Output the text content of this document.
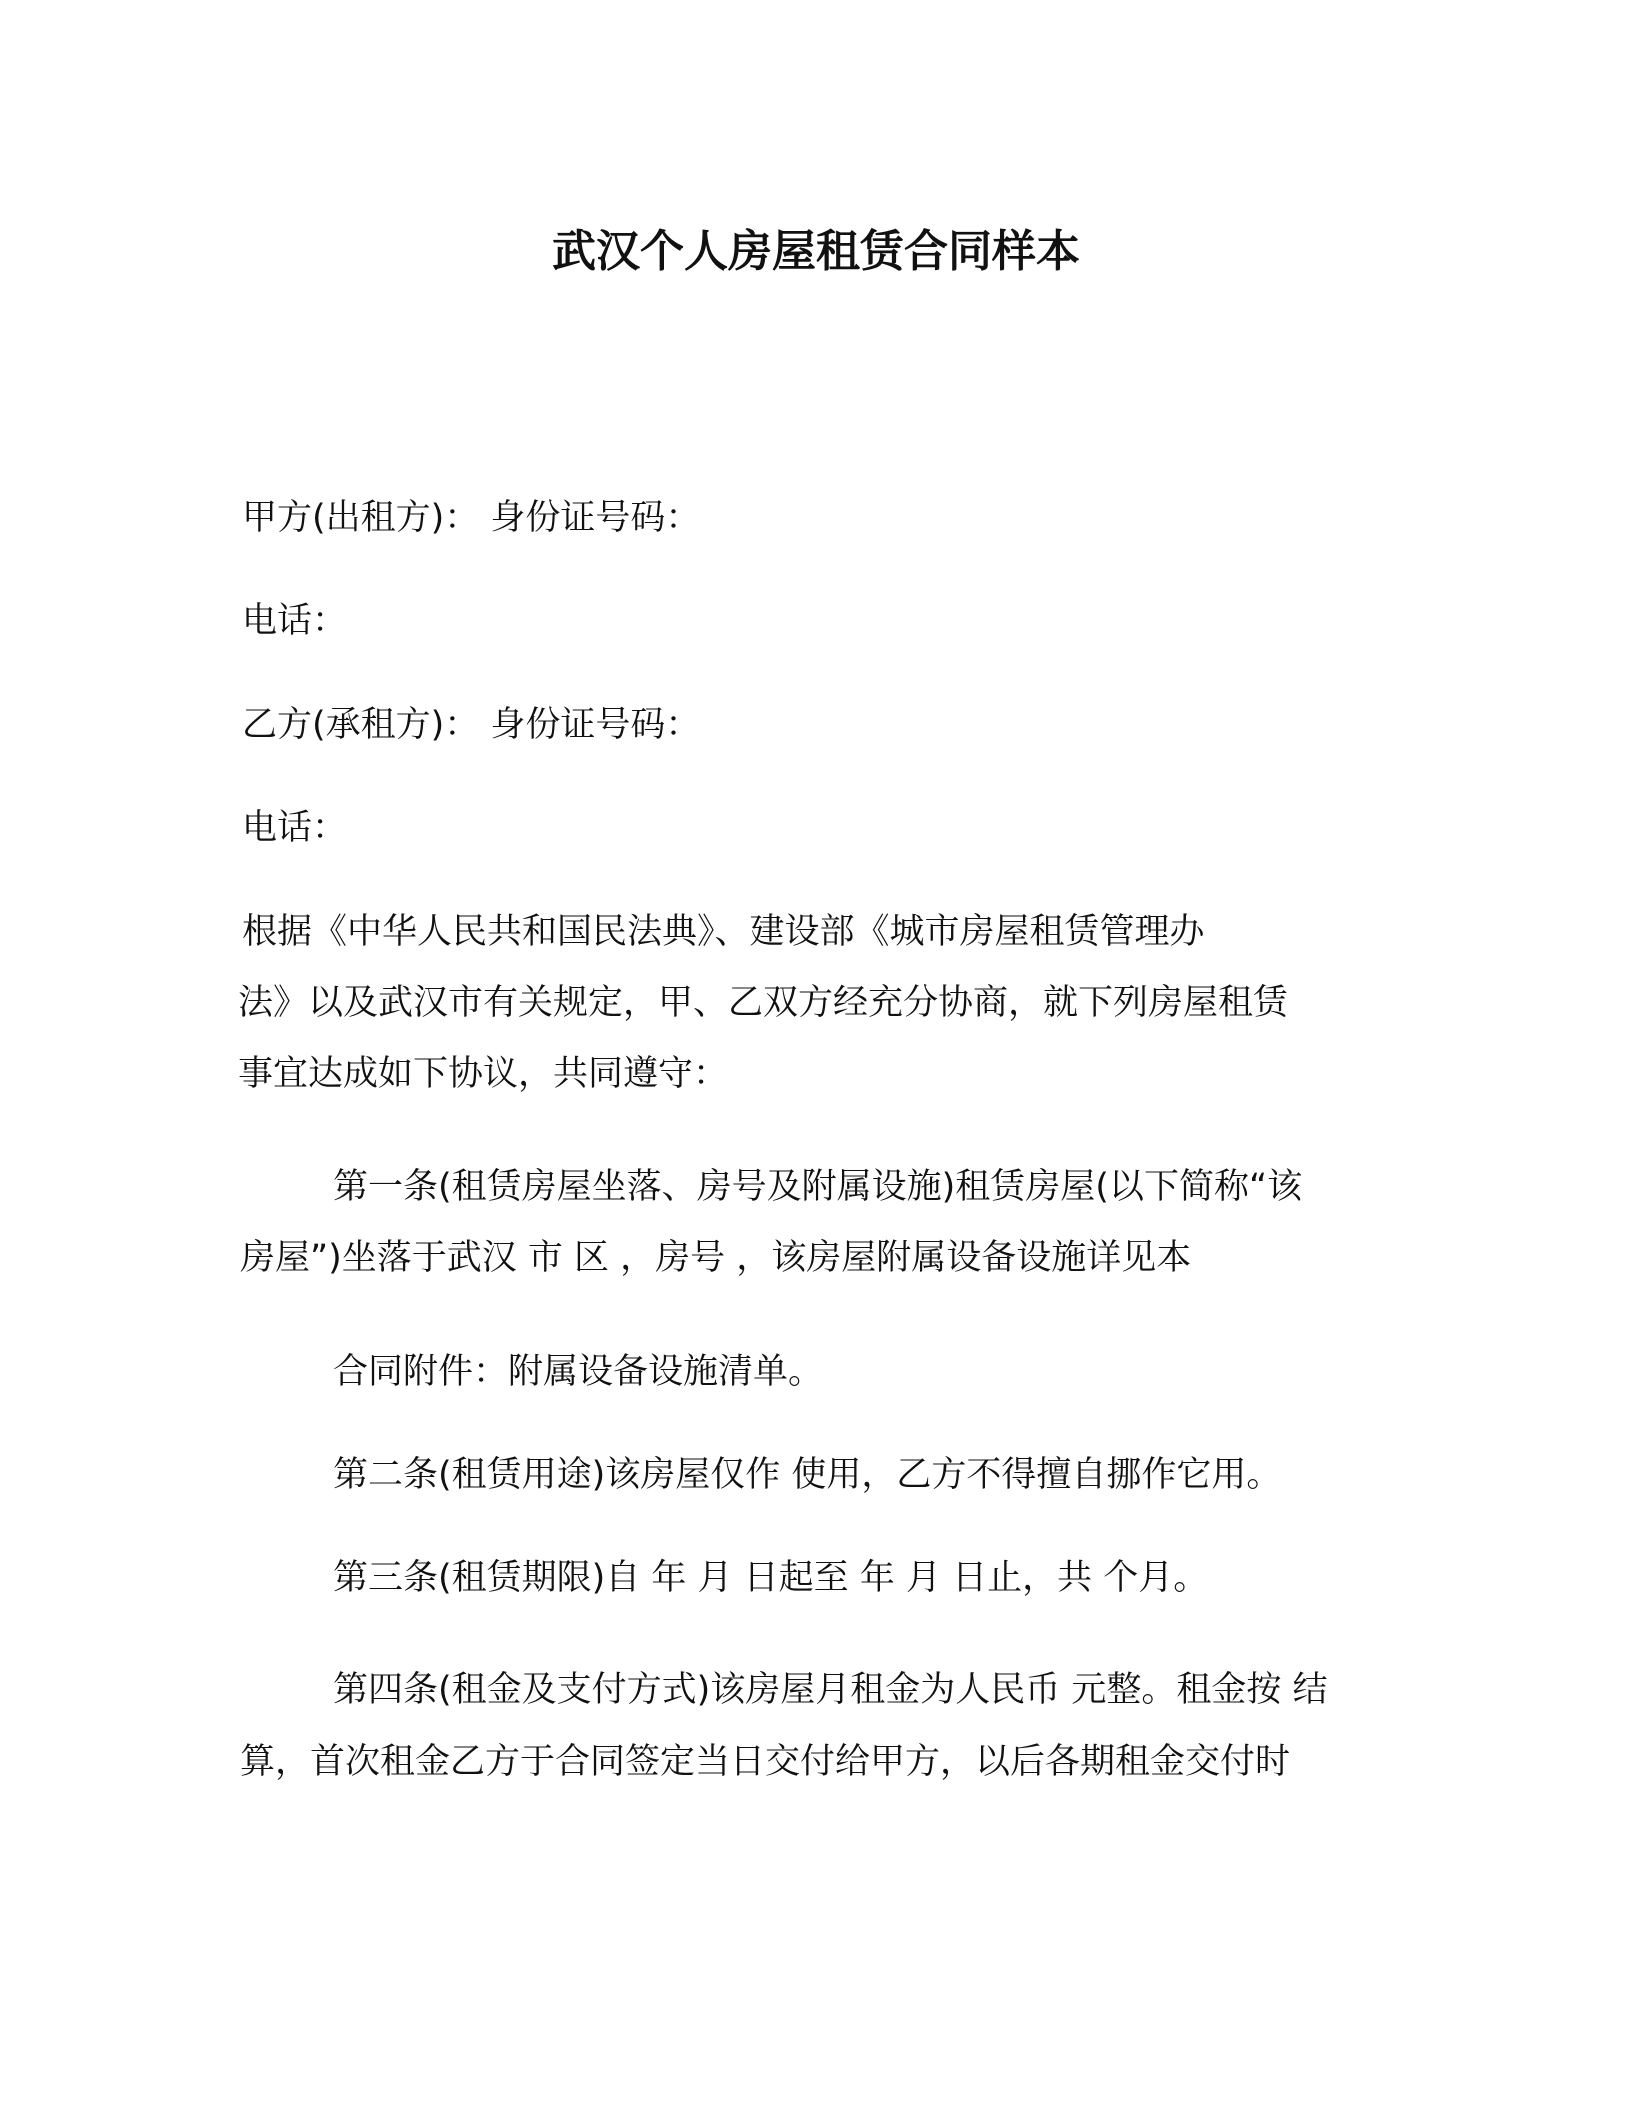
武汉个人房屋租赁合同样本
甲方(出租方)： 身份证号码：
电话：
乙方(承租方)： 身份证号码：
电话：
根据《中华人民共和国民法典》、建设部《城市房屋租赁管理办
法》以及武汉市有关规定，甲、乙双方经充分协商，就下列房屋租赁
事宜达成如下协议，共同遵守：
第一条(租赁房屋坐落、房号及附属设施)租赁房屋(以下简称“该
房屋”)坐落于武汉 市 区 ，房号 ，该房屋附属设备设施详见本
合同附件：附属设备设施清单。
第二条(租赁用途)该房屋仅作 使用，乙方不得擅自挪作它用。
第三条(租赁期限)自 年 月 日起至 年 月 日止，共 个月。
第四条(租金及支付方式)该房屋月租金为人民币 元整。租金按 结
算，首次租金乙方于合同签定当日交付给甲方，以后各期租金交付时
